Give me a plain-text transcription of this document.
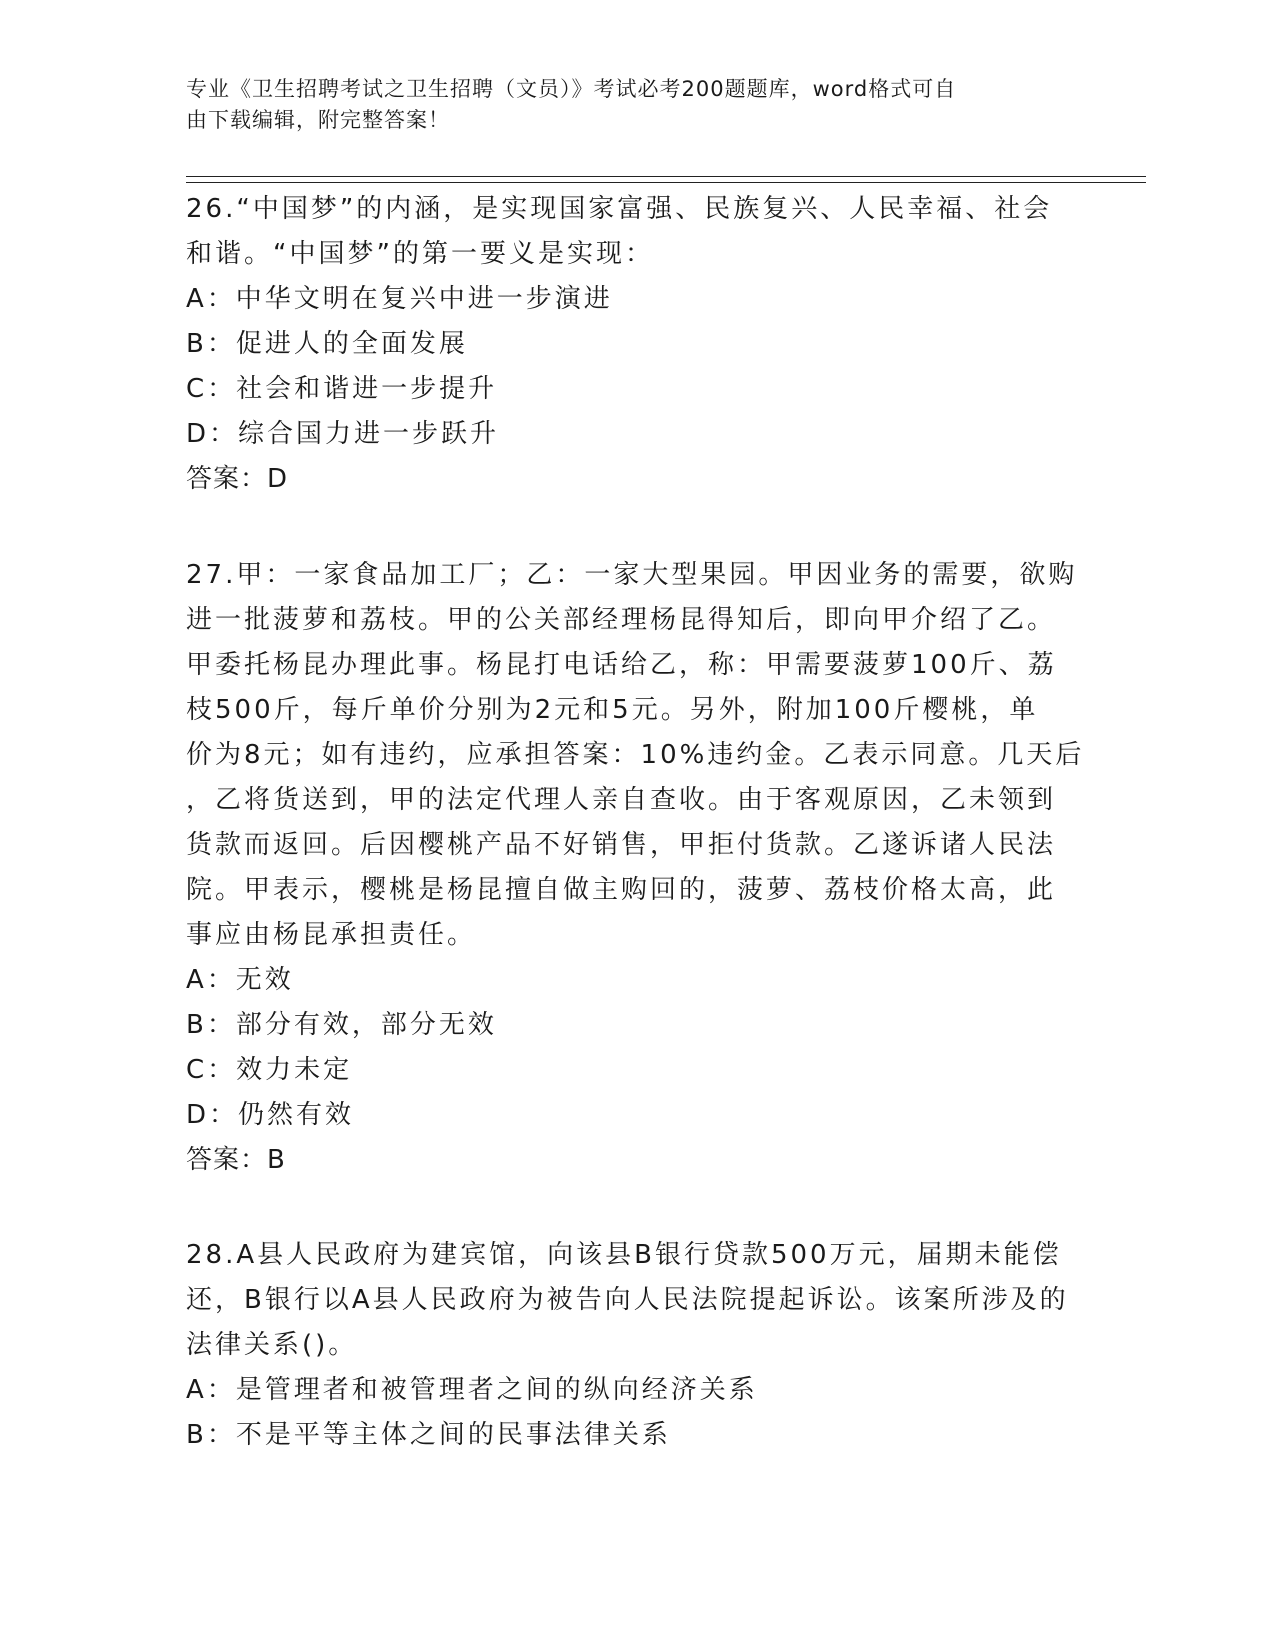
专业《卫生招聘考试之卫生招聘（文员）》考试必考200题题库，word格式可自
由下载编辑，附完整答案！
26.“中国梦”的内涵，是实现国家富强、民族复兴、人民幸福、社会
和谐。“中国梦”的第一要义是实现：
A：中华文明在复兴中进一步演进
B：促进人的全面发展
C：社会和谐进一步提升
D：综合国力进一步跃升
答案：D
27.甲：一家食品加工厂；乙：一家大型果园。甲因业务的需要，欲购
进一批菠萝和荔枝。甲的公关部经理杨昆得知后，即向甲介绍了乙。
甲委托杨昆办理此事。杨昆打电话给乙，称：甲需要菠萝100斤、荔
枝500斤，每斤单价分别为2元和5元。另外，附加100斤樱桃，单
价为8元；如有违约，应承担答案：10%违约金。乙表示同意。几天后
，乙将货送到，甲的法定代理人亲自查收。由于客观原因，乙未领到
货款而返回。后因樱桃产品不好销售，甲拒付货款。乙遂诉诸人民法
院。甲表示，樱桃是杨昆擅自做主购回的，菠萝、荔枝价格太高，此
事应由杨昆承担责任。
A：无效
B：部分有效，部分无效
C：效力未定
D：仍然有效
答案：B
28.A县人民政府为建宾馆，向该县B银行贷款500万元，届期未能偿
还，B银行以A县人民政府为被告向人民法院提起诉讼。该案所涉及的
法律关系()。
A：是管理者和被管理者之间的纵向经济关系
B：不是平等主体之间的民事法律关系
